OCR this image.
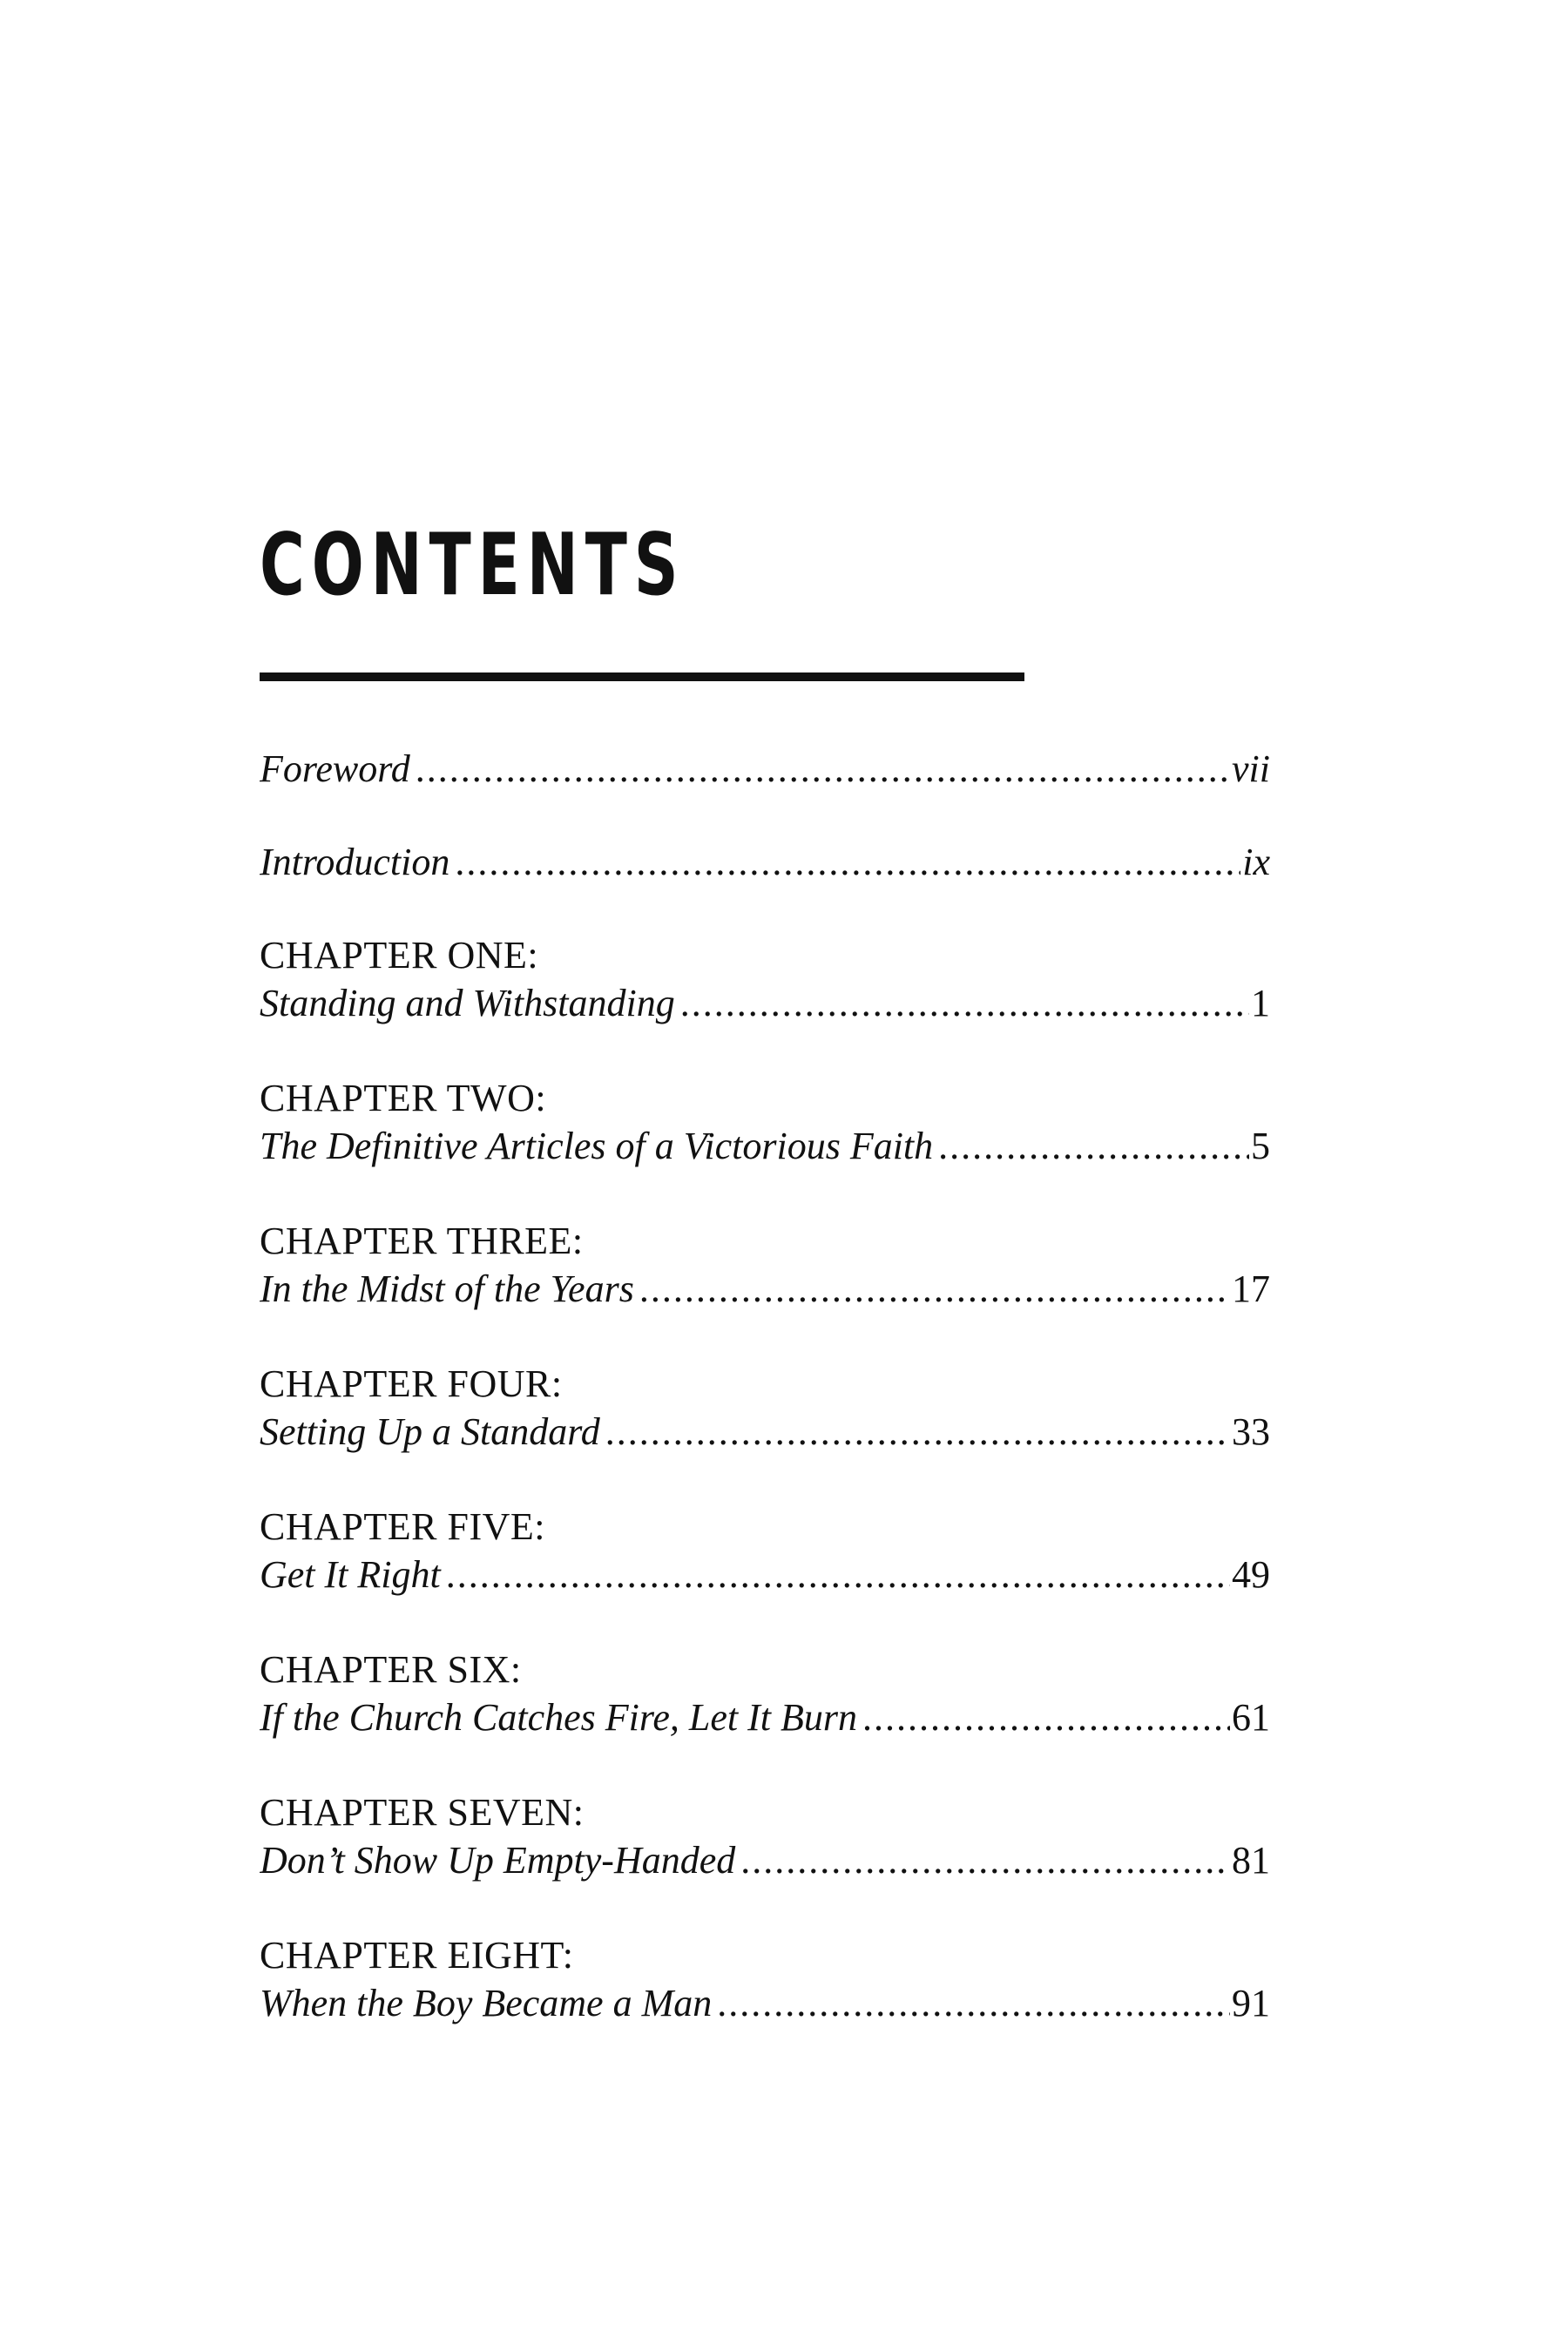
CONTENTS
Foreword .....	vii
Introduction .....	ix
CHAPTER ONE:
Standing and Withstanding .....	1
CHAPTER TWO:
The Definitive Articles of a Victorious Faith .....	5
CHAPTER THREE:
In the Midst of the Years .....	17
CHAPTER FOUR:
Setting Up a Standard .....	33
CHAPTER FIVE:
Get It Right .....	49
CHAPTER SIX:
If the Church Catches Fire, Let It Burn .....	61
CHAPTER SEVEN:
Don’t Show Up Empty-Handed .....	81
CHAPTER EIGHT:
When the Boy Became a Man .....	91
